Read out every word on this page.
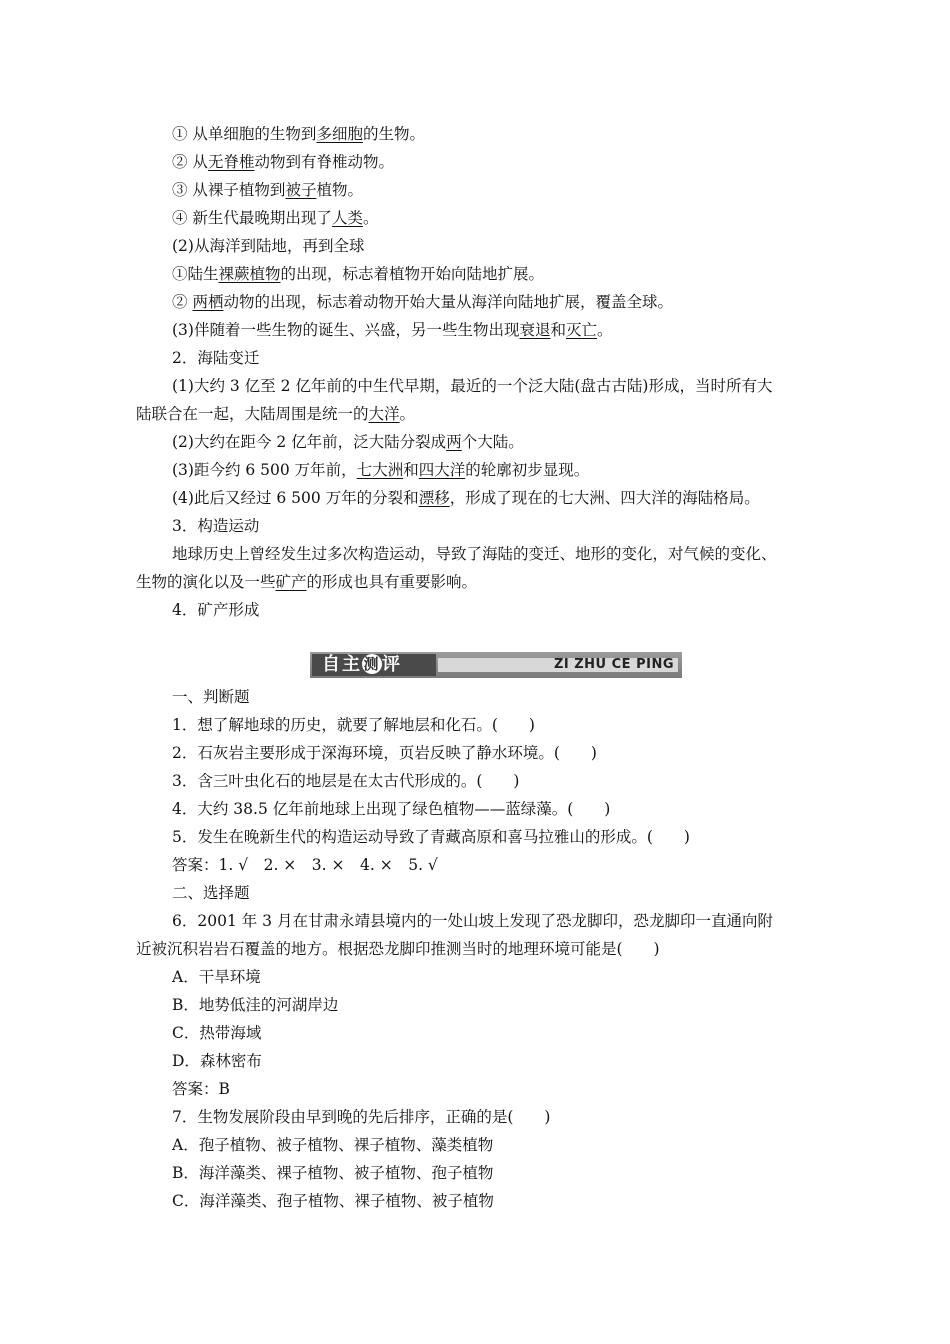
① 从单细胞的生物到多细胞的生物。
② 从无脊椎动物到有脊椎动物。
③ 从裸子植物到被子植物。
④ 新生代最晚期出现了人类。
(2)从海洋到陆地，再到全球
①陆生裸蕨植物的出现，标志着植物开始向陆地扩展。
② 两栖动物的出现，标志着动物开始大量从海洋向陆地扩展，覆盖全球。
(3)伴随着一些生物的诞生、兴盛，另一些生物出现衰退和灭亡。
2．海陆变迁
(1)大约 3 亿至 2 亿年前的中生代早期，最近的一个泛大陆(盘古古陆)形成，当时所有大
陆联合在一起，大陆周围是统一的大洋。
(2)大约在距今 2 亿年前，泛大陆分裂成两个大陆。
(3)距今约 6 500 万年前，七大洲和四大洋的轮廓初步显现。
(4)此后又经过 6 500 万年的分裂和漂移，形成了现在的七大洲、四大洋的海陆格局。
3．构造运动
地球历史上曾经发生过多次构造运动，导致了海陆的变迁、地形的变化，对气候的变化、
生物的演化以及一些矿产的形成也具有重要影响。
4．矿产形成
一、判断题
1．想了解地球的历史，就要了解地层和化石。(　　)
2．石灰岩主要形成于深海环境，页岩反映了静水环境。(　　)
3．含三叶虫化石的地层是在太古代形成的。(　　)
4．大约 38.5 亿年前地球上出现了绿色植物——蓝绿藻。(　　)
5．发生在晚新生代的构造运动导致了青藏高原和喜马拉雅山的形成。(　　)
答案：1. √　2. ×　3. ×　4. ×　5. √
二、选择题
6．2001 年 3 月在甘肃永靖县境内的一处山坡上发现了恐龙脚印，恐龙脚印一直通向附
近被沉积岩岩石覆盖的地方。根据恐龙脚印推测当时的地理环境可能是(　　)
A．干旱环境
B．地势低洼的河湖岸边
C．热带海域
D．森林密布
答案：B
7．生物发展阶段由早到晚的先后排序，正确的是(　　)
A．孢子植物、被子植物、裸子植物、藻类植物
B．海洋藻类、裸子植物、被子植物、孢子植物
C．海洋藻类、孢子植物、裸子植物、被子植物
自主测评	ZI ZHU CE PING
